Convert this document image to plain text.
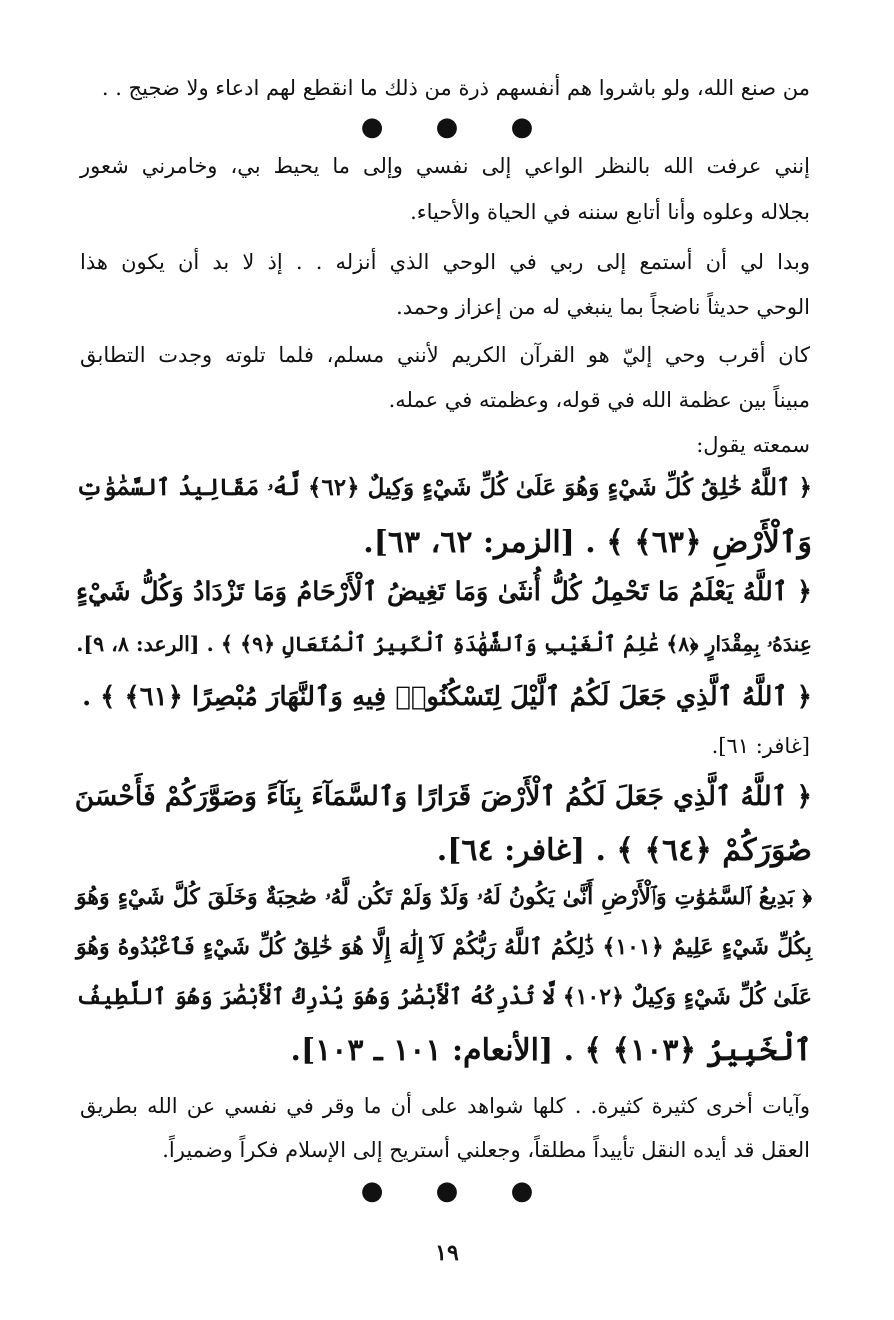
من صنع الله، ولو باشروا هم أنفسهم ذرة من ذلك ما انقطع لهم ادعاء ولا ضجيج . .
● ● ●
إنني عرفت الله بالنظر الواعي إلى نفسي وإلى ما يحيط بي، وخامرني شعور
بجلاله وعلوه وأنا أتابع سننه في الحياة والأحياء.
وبدا لي أن أستمع إلى ربي في الوحي الذي أنزله . . إذ لا بد أن يكون هذا
الوحي حديثاً ناضجاً بما ينبغي له من إعزاز وحمد.
كان أقرب وحي إليّ هو القرآن الكريم لأنني مسلم، فلما تلوته وجدت التطابق
مبيناً بين عظمة الله في قوله، وعظمته في عمله.
سمعته يقول:
﴿ ٱللَّهُ خَٰلِقُ كُلِّ شَيْءٍ وَهُوَ عَلَىٰ كُلِّ شَيْءٍ وَكِيلٌ ﴿٦٢﴾ لَّهُۥ مَقَالِيدُ ٱلسَّمَٰوَٰتِ
وَٱلْأَرْضِ ﴿٦٣﴾ ﴾ . [الزمر: ٦٢، ٦٣].
﴿ ٱللَّهُ يَعْلَمُ مَا تَحْمِلُ كُلُّ أُنثَىٰ وَمَا تَغِيضُ ٱلْأَرْحَامُ وَمَا تَزْدَادُ وَكُلُّ شَيْءٍ
عِندَهُۥ بِمِقْدَارٍ ﴿٨﴾ عَٰلِمُ ٱلْغَيْبِ وَٱلشَّهَٰدَةِ ٱلْكَبِيرُ ٱلْمُتَعَالِ ﴿٩﴾ ﴾ . [الرعد: ٨، ٩].
﴿ ٱللَّهُ ٱلَّذِي جَعَلَ لَكُمُ ٱلَّيْلَ لِتَسْكُنُوا۟ فِيهِ وَٱلنَّهَارَ مُبْصِرًا ﴿٦١﴾ ﴾ .
[غافر: ٦١].
﴿ ٱللَّهُ ٱلَّذِي جَعَلَ لَكُمُ ٱلْأَرْضَ قَرَارًا وَٱلسَّمَآءَ بِنَآءً وَصَوَّرَكُمْ فَأَحْسَنَ
صُوَرَكُمْ ﴿٦٤﴾ ﴾ . [غافر: ٦٤].
﴿ بَدِيعُ ٱلسَّمَٰوَٰتِ وَٱلْأَرْضِ أَنَّىٰ يَكُونُ لَهُۥ وَلَدٌ وَلَمْ تَكُن لَّهُۥ صَٰحِبَةٌ وَخَلَقَ كُلَّ شَيْءٍ وَهُوَ
بِكُلِّ شَيْءٍ عَلِيمٌ ﴿١٠١﴾ ذَٰلِكُمُ ٱللَّهُ رَبُّكُمْ لَآ إِلَٰهَ إِلَّا هُوَ خَٰلِقُ كُلِّ شَيْءٍ فَٱعْبُدُوهُ وَهُوَ
عَلَىٰ كُلِّ شَيْءٍ وَكِيلٌ ﴿١٠٢﴾ لَّا تُدْرِكُهُ ٱلْأَبْصَٰرُ وَهُوَ يُدْرِكُ ٱلْأَبْصَٰرَ وَهُوَ ٱللَّطِيفُ
ٱلْخَبِيرُ ﴿١٠٣﴾ ﴾ . [الأنعام: ١٠١ ـ ١٠٣].
وآيات أخرى كثيرة كثيرة. . كلها شواهد على أن ما وقر في نفسي عن الله بطريق
العقل قد أيده النقل تأييداً مطلقاً، وجعلني أستريح إلى الإسلام فكراً وضميراً.
● ● ●
١٩
